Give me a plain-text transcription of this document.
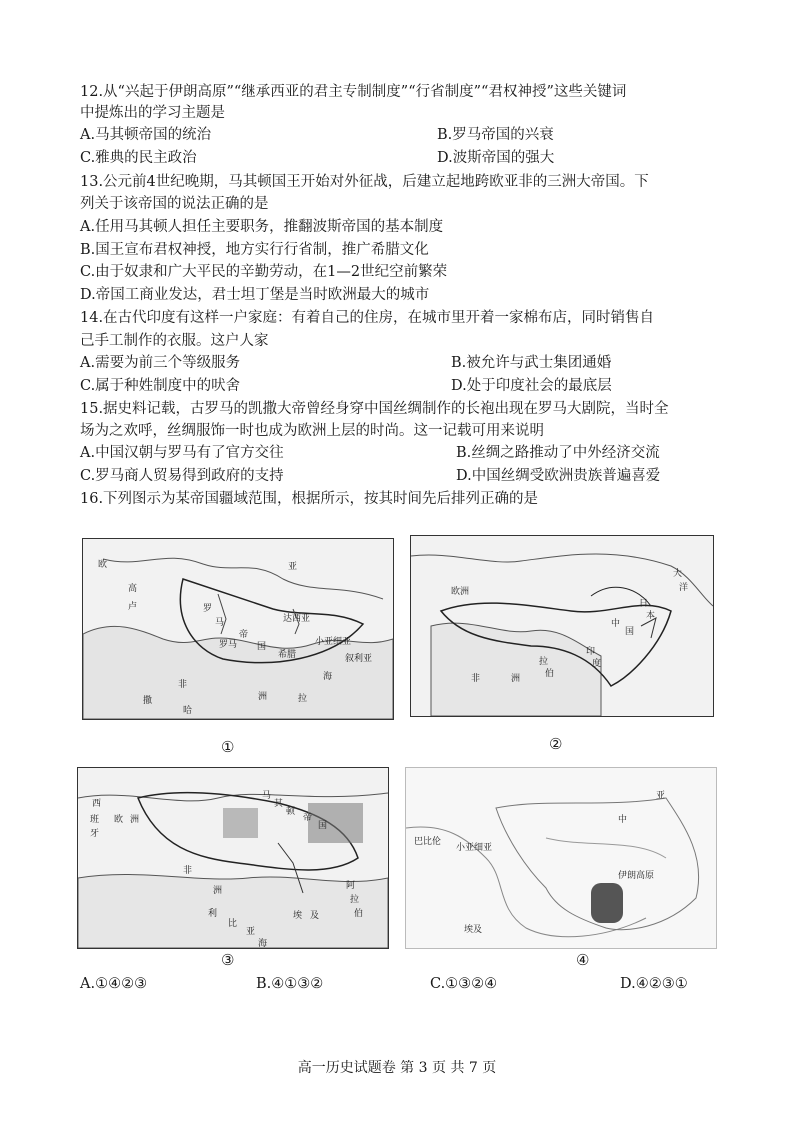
12.从“兴起于伊朗高原”“继承西亚的君主专制制度”“行省制度”“君权神授”这些关键词
中提炼出的学习主题是
A.马其顿帝国的统治	B.罗马帝国的兴衰
C.雅典的民主政治	D.波斯帝国的强大
13.公元前4世纪晚期，马其顿国王开始对外征战，后建立起地跨欧亚非的三洲大帝国。下
列关于该帝国的说法正确的是
A.任用马其顿人担任主要职务，推翻波斯帝国的基本制度
B.国王宣布君权神授，地方实行行省制，推广希腊文化
C.由于奴隶和广大平民的辛勤劳动，在1—2世纪空前繁荣
D.帝国工商业发达，君士坦丁堡是当时欧洲最大的城市
14.在古代印度有这样一户家庭：有着自己的住房，在城市里开着一家棉布店，同时销售自
己手工制作的衣服。这户人家
A.需要为前三个等级服务	B.被允许与武士集团通婚
C.属于种姓制度中的吠舍	D.处于印度社会的最底层
15.据史料记载，古罗马的凯撒大帝曾经身穿中国丝绸制作的长袍出现在罗马大剧院，当时全
场为之欢呼，丝绸服饰一时也成为欧洲上层的时尚。这一记载可用来说明
A.中国汉朝与罗马有了官方交往	B.丝绸之路推动了中外经济交流
C.罗马商人贸易得到政府的支持	D.中国丝绸受欧洲贵族普遍喜爱
16.下列图示为某帝国疆域范围，根据所示，按其时间先后排列正确的是
欧
高
卢	罗
马
帝
国
达西亚
亚
罗马
希腊
小亚细亚
叙利亚
非
洲
撒
哈
拉
海
①
欧洲
大
洋
中
国
日
本
印
度
非	洲
拉
伯
②
西
班
牙
欧 洲
马
其
顿
帝
国
非
洲
利
比
亚
埃 及
阿
拉
伯
海
③
中
亚
巴比伦
小亚细亚
伊朗高原
埃及
④
A.①④②③	B.④①③②	C.①③②④	D.④②③①
高一历史试题卷 第 3 页 共 7 页
